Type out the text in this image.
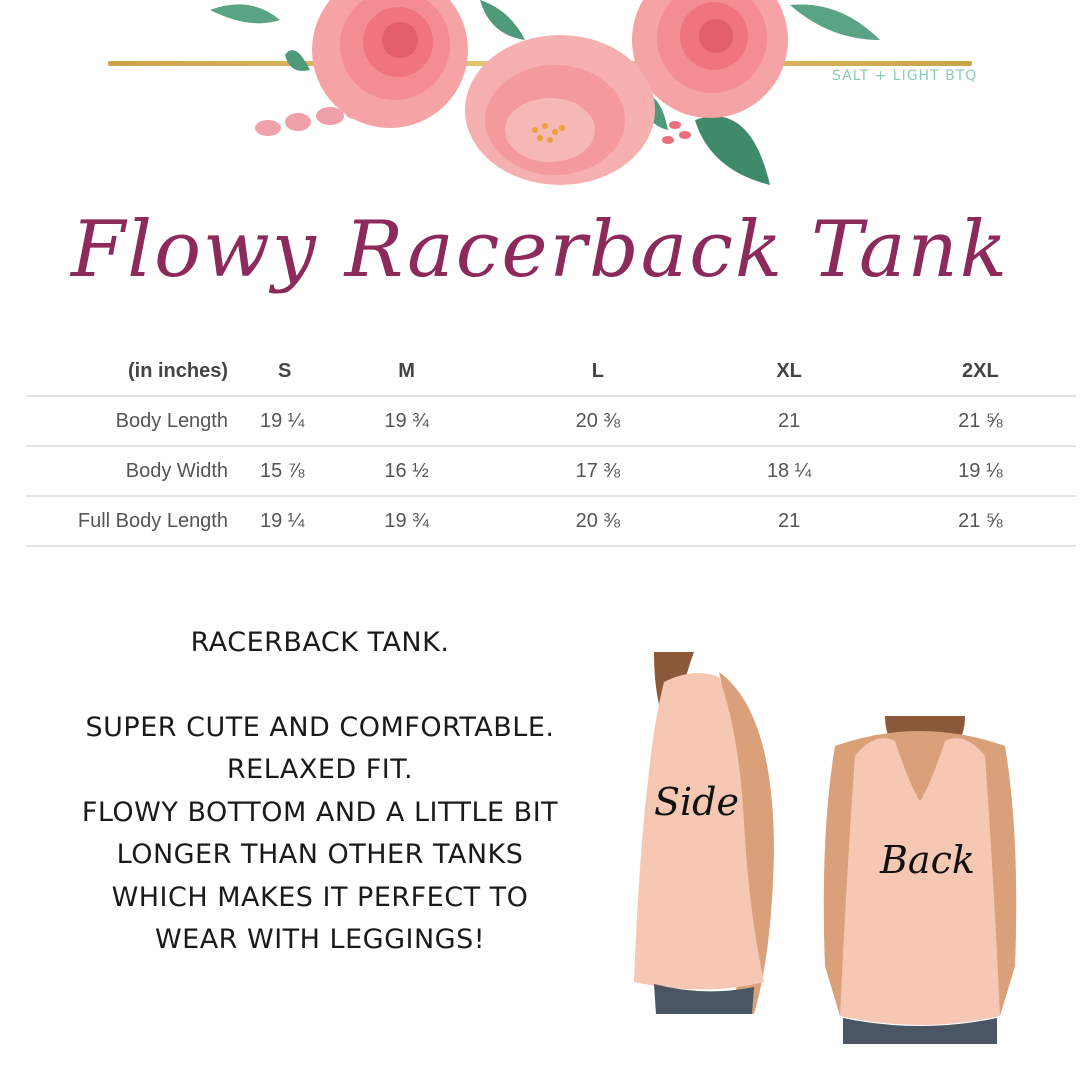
SALT + LIGHT BTQ
Flowy Racerback Tank
(in inches)	S	M	L	XL	2XL
Body Length	19 ¼	19 ¾	20 ⅜	21	21 ⅝
Body Width	15 ⅞	16 ½	17 ⅜	18 ¼	19 ⅛
Full Body Length	19 ¼	19 ¾	20 ⅜	21	21 ⅝
RACERBACK TANK.
SUPER CUTE AND COMFORTABLE.
RELAXED FIT.
FLOWY BOTTOM AND A LITTLE BIT
LONGER THAN OTHER TANKS
WHICH MAKES IT PERFECT TO
WEAR WITH LEGGINGS!
Side
Back
